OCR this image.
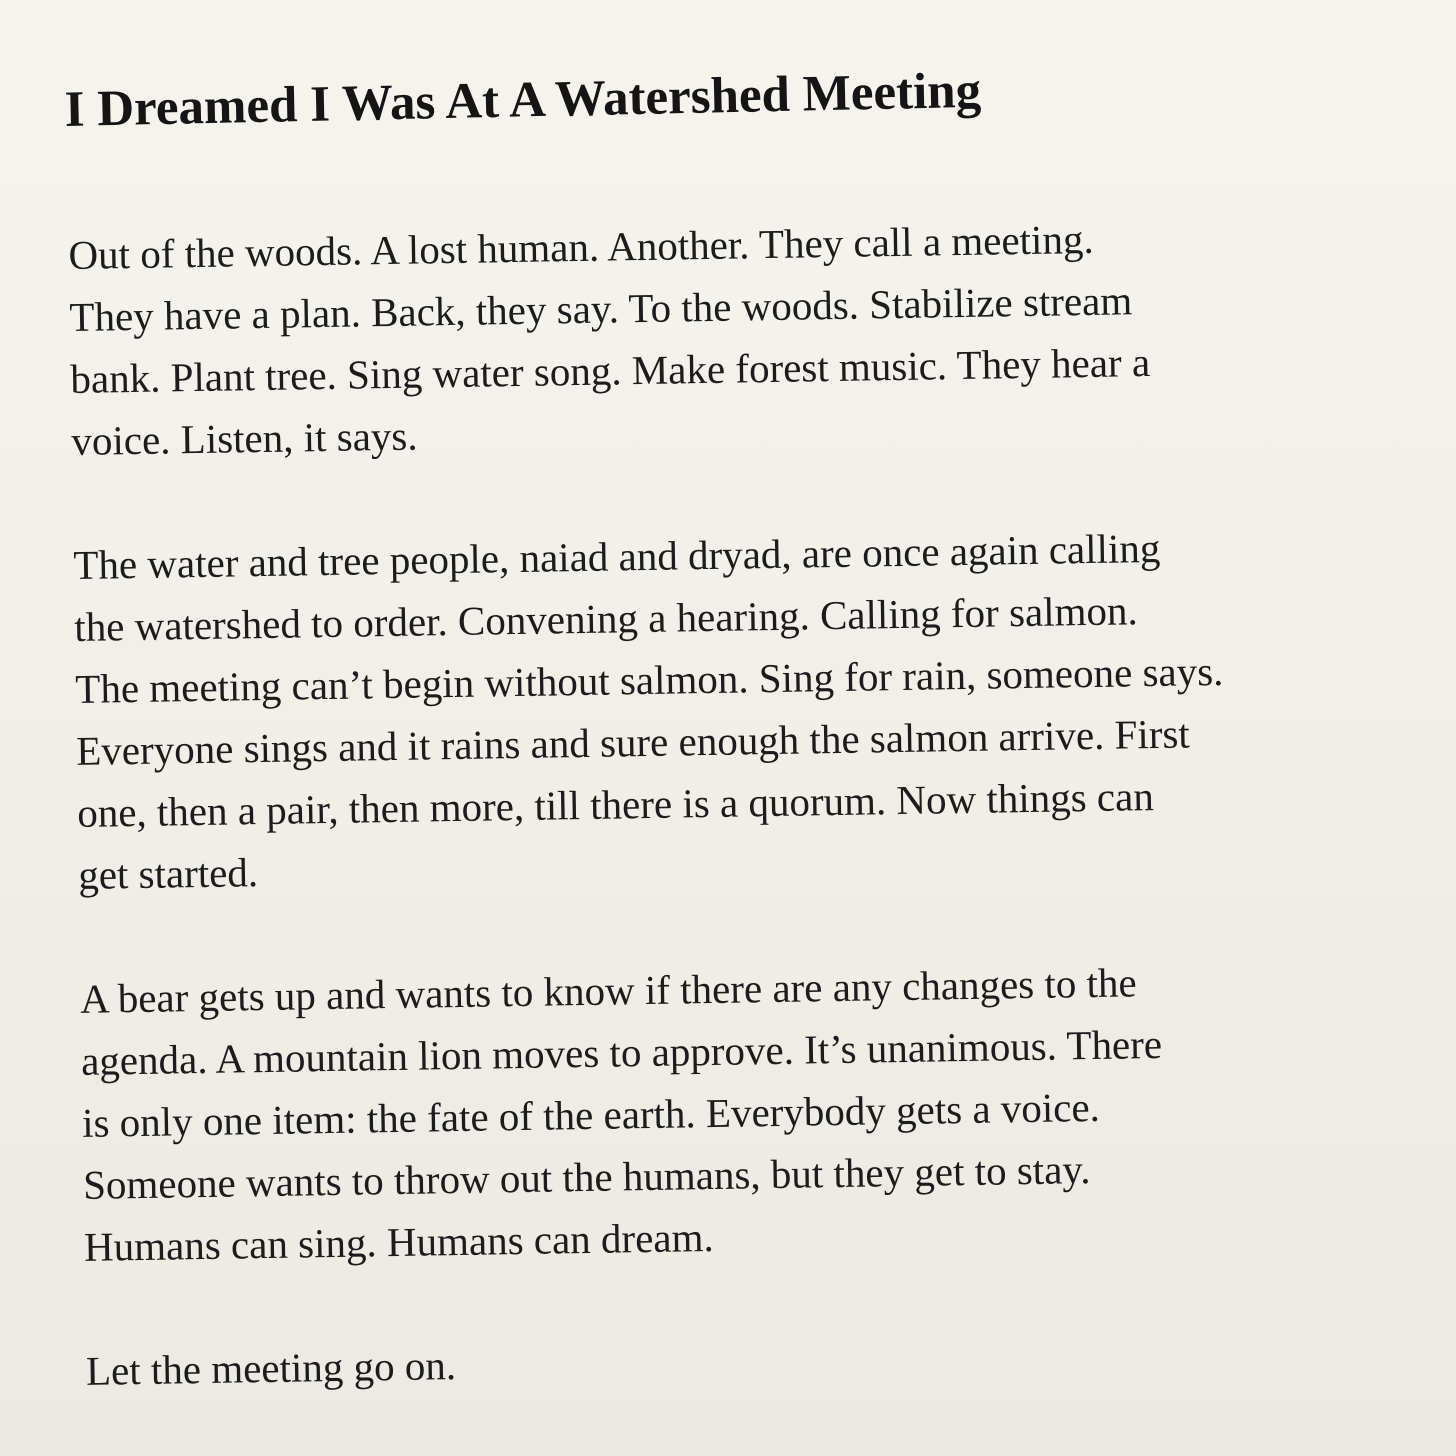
I Dreamed I Was At A Watershed Meeting
Out of the woods. A lost human. Another. They call a meeting.
They have a plan. Back, they say. To the woods. Stabilize stream
bank. Plant tree. Sing water song. Make forest music. They hear a
voice. Listen, it says.
The water and tree people, naiad and dryad, are once again calling
the watershed to order. Convening a hearing. Calling for salmon.
The meeting can’t begin without salmon. Sing for rain, someone says.
Everyone sings and it rains and sure enough the salmon arrive. First
one, then a pair, then more, till there is a quorum. Now things can
get started.
A bear gets up and wants to know if there are any changes to the
agenda. A mountain lion moves to approve. It’s unanimous. There
is only one item: the fate of the earth. Everybody gets a voice.
Someone wants to throw out the humans, but they get to stay.
Humans can sing. Humans can dream.
Let the meeting go on.
